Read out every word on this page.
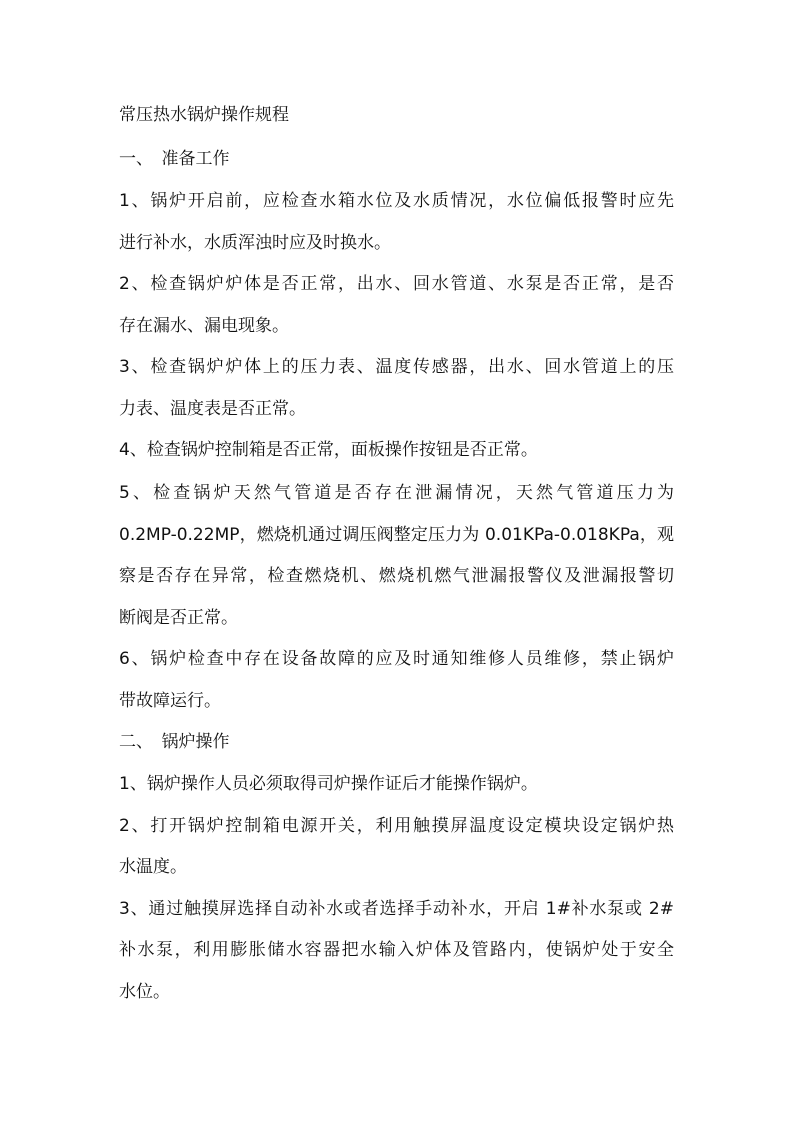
常压热水锅炉操作规程
一、　准备工作
1、锅炉开启前，应检查水箱水位及水质情况，水位偏低报警时应先
进行补水，水质浑浊时应及时换水。
2、检查锅炉炉体是否正常，出水、回水管道、水泵是否正常，是否
存在漏水、漏电现象。
3、检查锅炉炉体上的压力表、温度传感器，出水、回水管道上的压
力表、温度表是否正常。
4、检查锅炉控制箱是否正常，面板操作按钮是否正常。
5、检查锅炉天然气管道是否存在泄漏情况，天然气管道压力为
0.2MP-0.22MP，燃烧机通过调压阀整定压力为 0.01KPa-0.018KPa，观
察是否存在异常，检查燃烧机、燃烧机燃气泄漏报警仪及泄漏报警切
断阀是否正常。
6、锅炉检查中存在设备故障的应及时通知维修人员维修，禁止锅炉
带故障运行。
二、　锅炉操作
1、锅炉操作人员必须取得司炉操作证后才能操作锅炉。
2、打开锅炉控制箱电源开关，利用触摸屏温度设定模块设定锅炉热
水温度。
3、通过触摸屏选择自动补水或者选择手动补水，开启 1#补水泵或 2#
补水泵，利用膨胀储水容器把水输入炉体及管路内，使锅炉处于安全
水位。
